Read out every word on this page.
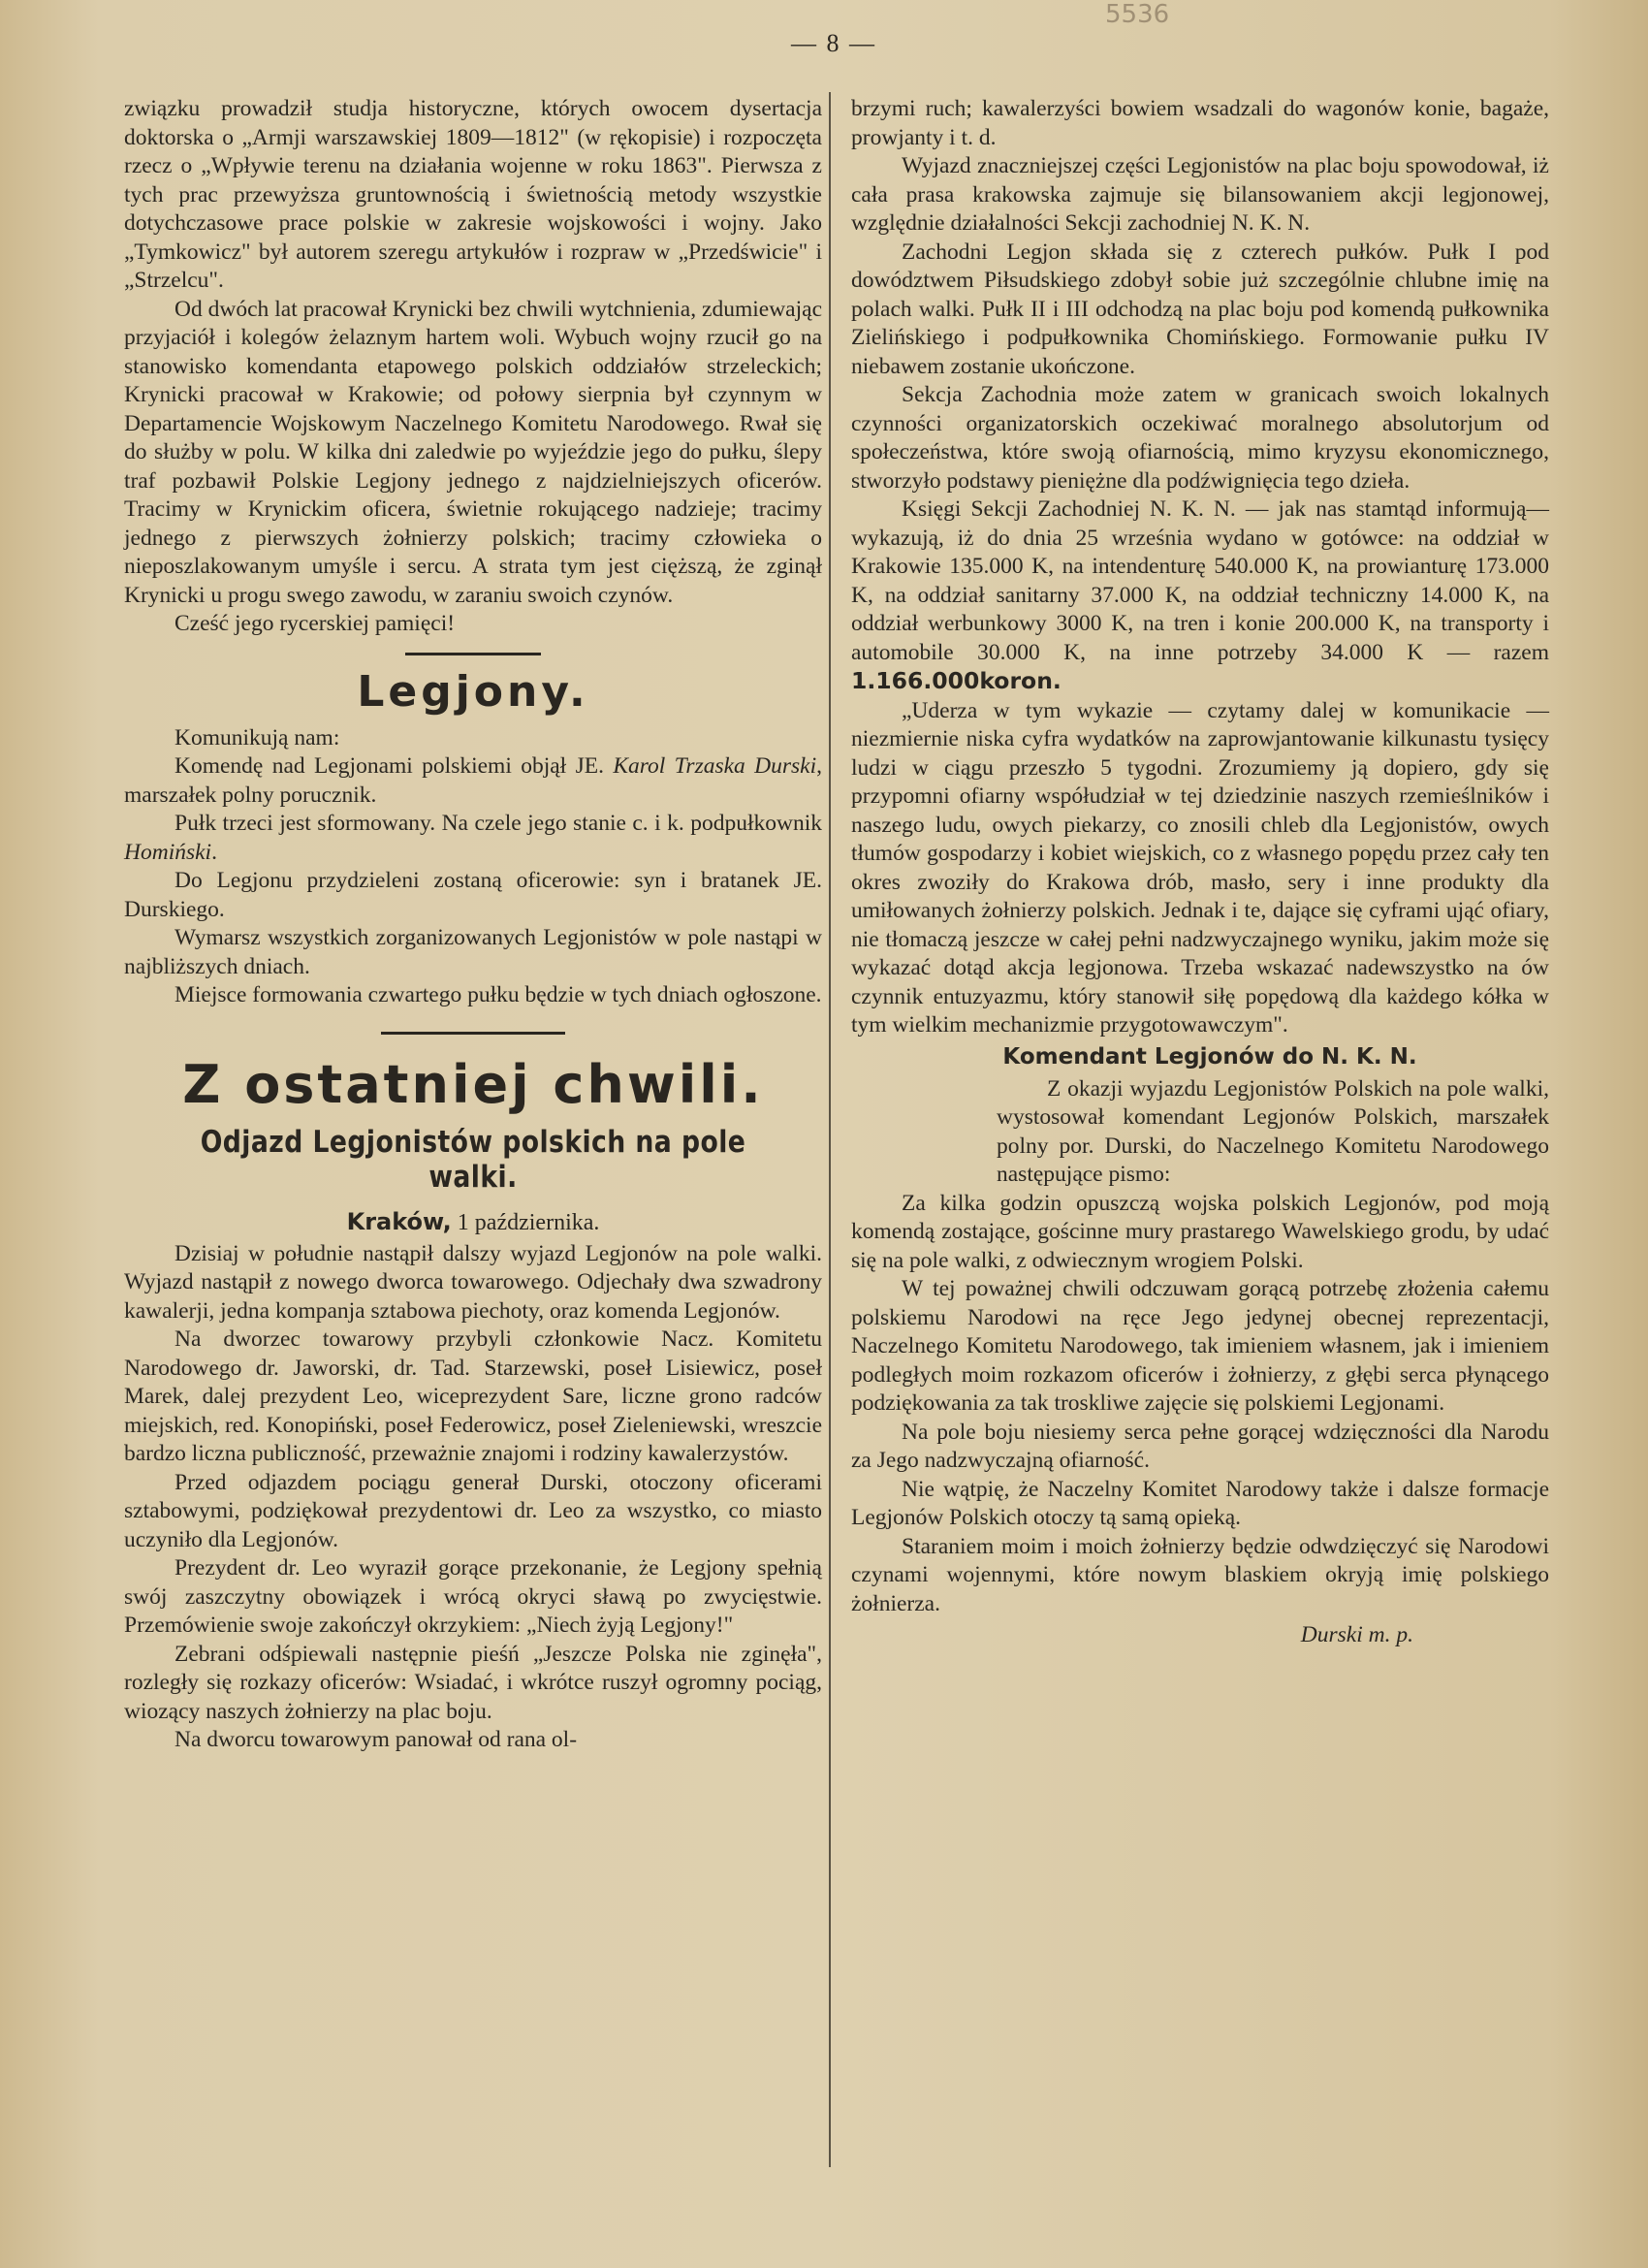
— 8 —
5536

związku prowadził studja historyczne, których owocem dysertacja doktorska o „Armji warszawskiej 1809—1812" (w rękopisie) i rozpoczęta rzecz o „Wpływie terenu na działania wojenne w roku 1863". Pierwsza z tych prac przewyższa gruntownością i świetnością metody wszystkie dotychczasowe prace polskie w zakresie wojskowości i wojny. Jako „Tymkowicz" był autorem szeregu artykułów i rozpraw w „Przedświcie" i „Strzelcu".

Od dwóch lat pracował Krynicki bez chwili wytchnienia, zdumiewając przyjaciół i kolegów żelaznym hartem woli. Wybuch wojny rzucił go na stanowisko komendanta etapowego polskich oddziałów strzeleckich; Krynicki pracował w Krakowie; od połowy sierpnia był czynnym w Departamencie Wojskowym Naczelnego Komitetu Narodowego. Rwał się do służby w polu. W kilka dni zaledwie po wyjeździe jego do pułku, ślepy traf pozbawił Polskie Legjony jednego z najdzielniejszych oficerów. Tracimy w Krynickim oficera, świetnie rokującego nadzieje; tracimy jednego z pierwszych żołnierzy polskich; tracimy człowieka o nieposzlakowanym umyśle i sercu. A strata tym jest cięższą, że zginął Krynicki u progu swego zawodu, w zaraniu swoich czynów.

Cześć jego rycerskiej pamięci!

Legjony.

Komunikują nam:

Komendę nad Legjonami polskiemi objął JE. Karol Trzaska Durski, marszałek polny porucznik.

Pułk trzeci jest sformowany. Na czele jego stanie c. i k. podpułkownik Homiński.

Do Legjonu przydzieleni zostaną oficerowie: syn i bratanek JE. Durskiego.

Wymarsz wszystkich zorganizowanych Legjonistów w pole nastąpi w najbliższych dniach.

Miejsce formowania czwartego pułku będzie w tych dniach ogłoszone.

Z ostatniej chwili.
Odjazd Legjonistów polskich na pole walki.
Kraków, 1 października.

Dzisiaj w południe nastąpił dalszy wyjazd Legjonów na pole walki. Wyjazd nastąpił z nowego dworca towarowego. Odjechały dwa szwadrony kawalerji, jedna kompanja sztabowa piechoty, oraz komenda Legjonów.

Na dworzec towarowy przybyli członkowie Nacz. Komitetu Narodowego dr. Jaworski, dr. Tad. Starzewski, poseł Lisiewicz, poseł Marek, dalej prezydent Leo, wiceprezydent Sare, liczne grono radców miejskich, red. Konopiński, poseł Federowicz, poseł Zieleniewski, wreszcie bardzo liczna publiczność, przeważnie znajomi i rodziny kawalerzystów.

Przed odjazdem pociągu generał Durski, otoczony oficerami sztabowymi, podziękował prezydentowi dr. Leo za wszystko, co miasto uczyniło dla Legjonów.

Prezydent dr. Leo wyraził gorące przekonanie, że Legjony spełnią swój zaszczytny obowiązek i wrócą okryci sławą po zwycięstwie. Przemówienie swoje zakończył okrzykiem: „Niech żyją Legjony!"

Zebrani odśpiewali następnie pieśń „Jeszcze Polska nie zginęła", rozległy się rozkazy oficerów: Wsiadać, i wkrótce ruszył ogromny pociąg, wiozący naszych żołnierzy na plac boju.

Na dworcu towarowym panował od rana ol-

brzymi ruch; kawalerzyści bowiem wsadzali do wagonów konie, bagaże, prowjanty i t. d.

Wyjazd znaczniejszej części Legjonistów na plac boju spowodował, iż cała prasa krakowska zajmuje się bilansowaniem akcji legjonowej, względnie działalności Sekcji zachodniej N. K. N.

Zachodni Legjon składa się z czterech pułków. Pułk I pod dowództwem Piłsudskiego zdobył sobie już szczególnie chlubne imię na polach walki. Pułk II i III odchodzą na plac boju pod komendą pułkownika Zielińskiego i podpułkownika Chomińskiego. Formowanie pułku IV niebawem zostanie ukończone.

Sekcja Zachodnia może zatem w granicach swoich lokalnych czynności organizatorskich oczekiwać moralnego absolutorjum od społeczeństwa, które swoją ofiarnością, mimo kryzysu ekonomicznego, stworzyło podstawy pieniężne dla podźwignięcia tego dzieła.

Księgi Sekcji Zachodniej N. K. N. — jak nas stamtąd informują—wykazują, iż do dnia 25 września wydano w gotówce: na oddział w Krakowie 135.000 K, na intendenturę 540.000 K, na prowianturę 173.000 K, na oddział sanitarny 37.000 K, na oddział techniczny 14.000 K, na oddział werbunkowy 3000 K, na tren i konie 200.000 K, na transporty i automobile 30.000 K, na inne potrzeby 34.000 K — razem 1.166.000koron.

„Uderza w tym wykazie — czytamy dalej w komunikacie — niezmiernie niska cyfra wydatków na zaprowjantowanie kilkunastu tysięcy ludzi w ciągu przeszło 5 tygodni. Zrozumiemy ją dopiero, gdy się przypomni ofiarny współudział w tej dziedzinie naszych rzemieślników i naszego ludu, owych piekarzy, co znosili chleb dla Legjonistów, owych tłumów gospodarzy i kobiet wiejskich, co z własnego popędu przez cały ten okres zwoziły do Krakowa drób, masło, sery i inne produkty dla umiłowanych żołnierzy polskich. Jednak i te, dające się cyframi ująć ofiary, nie tłomaczą jeszcze w całej pełni nadzwyczajnego wyniku, jakim może się wykazać dotąd akcja legjonowa. Trzeba wskazać nadewszystko na ów czynnik entuzyazmu, który stanowił siłę popędową dla każdego kółka w tym wielkim mechanizmie przygotowawczym".

Komendant Legjonów do N. K. N.

Z okazji wyjazdu Legjonistów Polskich na pole walki, wystosował komendant Legjonów Polskich, marszałek polny por. Durski, do Naczelnego Komitetu Narodowego następujące pismo:

Za kilka godzin opuszczą wojska polskich Legjonów, pod moją komendą zostające, gościnne mury prastarego Wawelskiego grodu, by udać się na pole walki, z odwiecznym wrogiem Polski.

W tej poważnej chwili odczuwam gorącą potrzebę złożenia całemu polskiemu Narodowi na ręce Jego jedynej obecnej reprezentacji, Naczelnego Komitetu Narodowego, tak imieniem własnem, jak i imieniem podległych moim rozkazom oficerów i żołnierzy, z głębi serca płynącego podziękowania za tak troskliwe zajęcie się polskiemi Legjonami.

Na pole boju niesiemy serca pełne gorącej wdzięczności dla Narodu za Jego nadzwyczajną ofiarność.

Nie wątpię, że Naczelny Komitet Narodowy także i dalsze formacje Legjonów Polskich otoczy tą samą opieką.

Staraniem moim i moich żołnierzy będzie odwdzięczyć się Narodowi czynami wojennymi, które nowym blaskiem okryją imię polskiego żołnierza.

Durski m. p.
